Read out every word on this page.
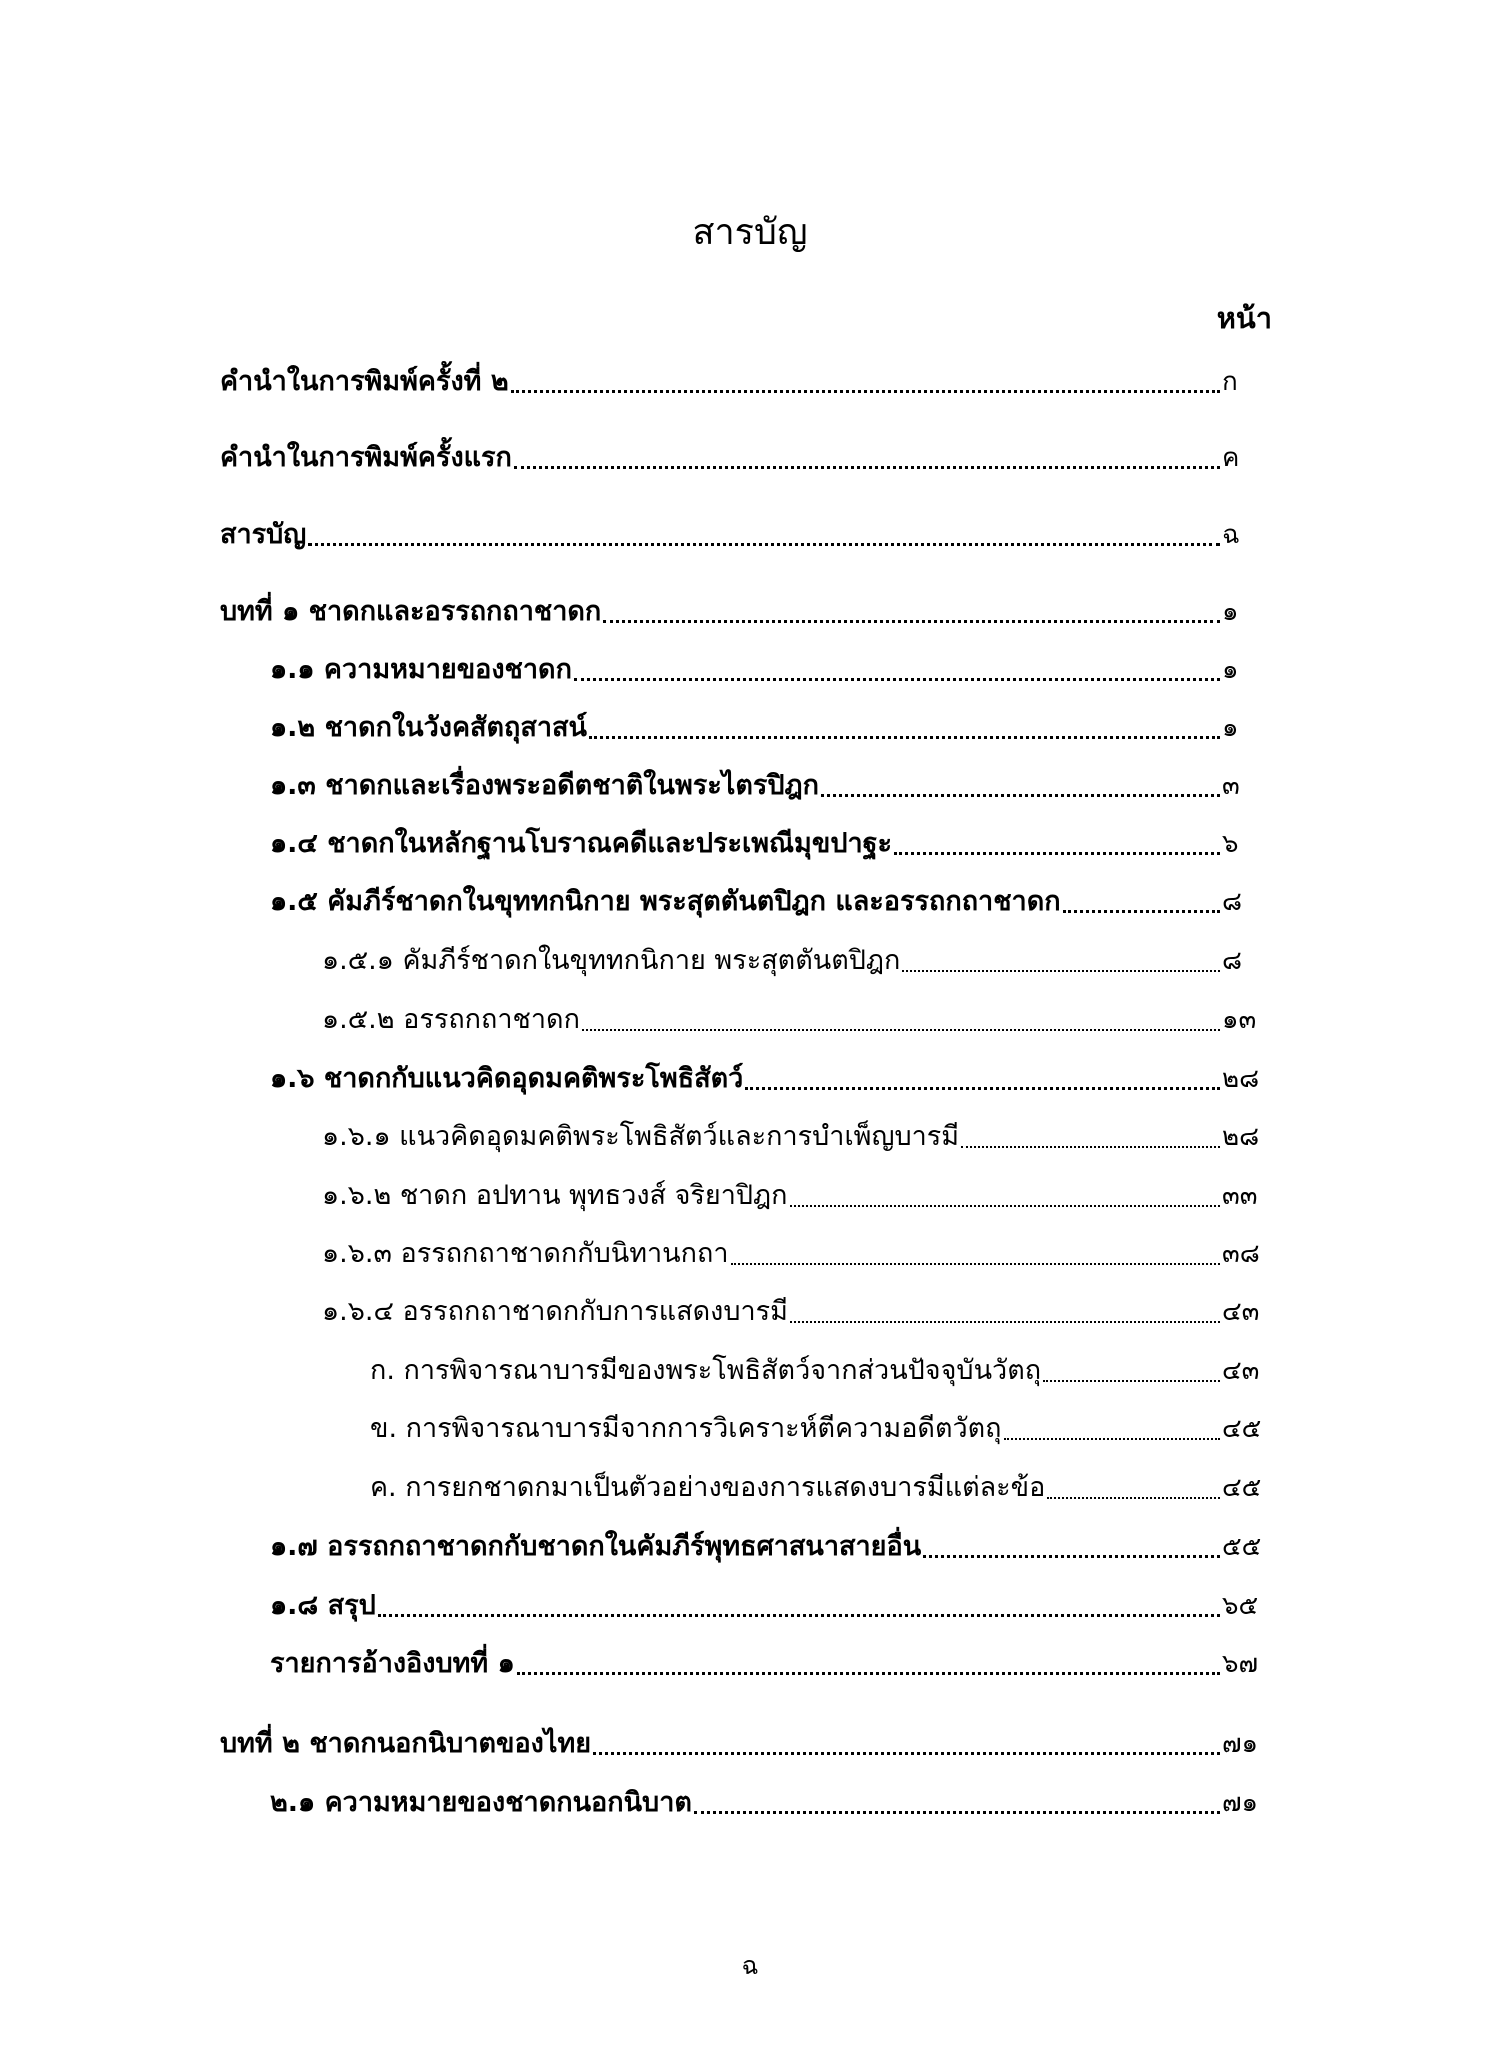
สารบัญ
หน้า
คำนำในการพิมพ์ครั้งที่ ๒	ก
คำนำในการพิมพ์ครั้งแรก	ค
สารบัญ	ฉ
บทที่ ๑ ชาดกและอรรถกถาชาดก	๑
๑.๑ ความหมายของชาดก	๑
๑.๒ ชาดกในวังคสัตถุสาสน์	๑
๑.๓ ชาดกและเรื่องพระอดีตชาติในพระไตรปิฎก	๓
๑.๔ ชาดกในหลักฐานโบราณคดีและประเพณีมุขปาฐะ	๖
๑.๕ คัมภีร์ชาดกในขุททกนิกาย พระสุตตันตปิฎก และอรรถกถาชาดก	๘
๑.๕.๑ คัมภีร์ชาดกในขุททกนิกาย พระสุตตันตปิฎก	๘
๑.๕.๒ อรรถกถาชาดก	๑๓
๑.๖ ชาดกกับแนวคิดอุดมคติพระโพธิสัตว์	๒๘
๑.๖.๑ แนวคิดอุดมคติพระโพธิสัตว์และการบำเพ็ญบารมี	๒๘
๑.๖.๒ ชาดก อปทาน พุทธวงส์ จริยาปิฎก	๓๓
๑.๖.๓ อรรถกถาชาดกกับนิทานกถา	๓๘
๑.๖.๔ อรรถกถาชาดกกับการแสดงบารมี	๔๓
ก. การพิจารณาบารมีของพระโพธิสัตว์จากส่วนปัจจุบันวัตถุ	๔๓
ข. การพิจารณาบารมีจากการวิเคราะห์ตีความอดีตวัตถุ	๔๕
ค. การยกชาดกมาเป็นตัวอย่างของการแสดงบารมีแต่ละข้อ	๔๕
๑.๗ อรรถกถาชาดกกับชาดกในคัมภีร์พุทธศาสนาสายอื่น	๕๕
๑.๘ สรุป	๖๕
รายการอ้างอิงบทที่ ๑	๖๗
บทที่ ๒ ชาดกนอกนิบาตของไทย	๗๑
๒.๑ ความหมายของชาดกนอกนิบาต	๗๑
ฉ
